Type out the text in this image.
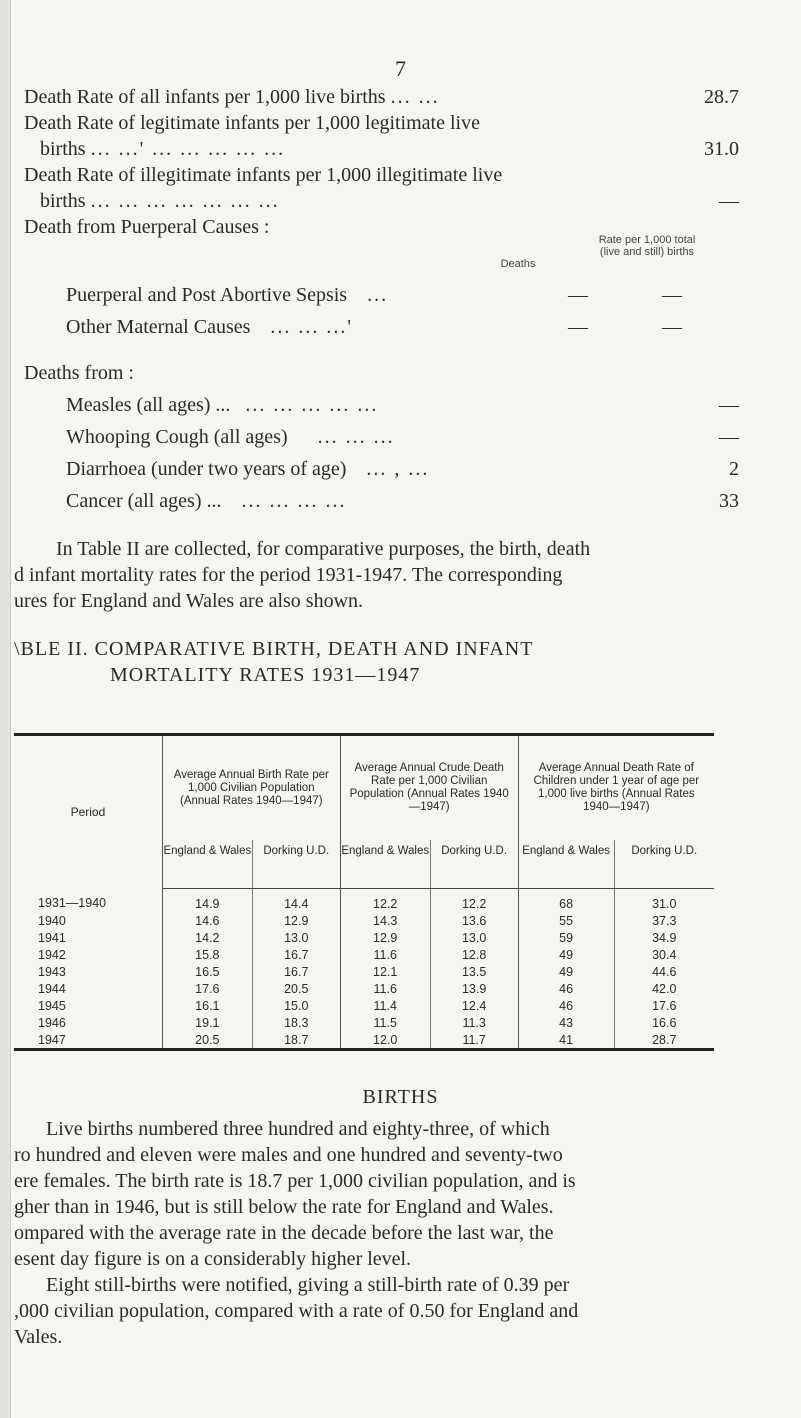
7
Death Rate of all infants per 1,000 live births ... ...	28.7
Death Rate of legitimate infants per 1,000 legitimate live
births ... ...' ... ... ... ... ...	31.0
Death Rate of illegitimate infants per 1,000 illegitimate live
births ... ... ... ... ... ... ...	—
Death from Puerperal Causes :
Deaths
Rate per 1,000 total (live and still) births
Puerperal and Post Abortive Sepsis ...	—	—
Other Maternal Causes ... ... ...'	—	—
Deaths from :
Measles (all ages) ... ... ... ... ... ...	—
Whooping Cough (all ages) ... ... ...	—
Diarrhoea (under two years of age) ... , ...	2
Cancer (all ages) ... ... ... ... ...	33
In Table II are collected, for comparative purposes, the birth, death
d infant mortality rates for the period 1931-1947. The corresponding
ures for England and Wales are also shown.
\BLE II. COMPARATIVE BIRTH, DEATH AND INFANT
MORTALITY RATES 1931—1947
Period	Average Annual Birth Rate per 1,000 Civilian Population (Annual Rates 1940—1947)		Average Annual Crude Death Rate per 1,000 Civilian Population (Annual Rates 1940—1947)		Average Annual Death Rate of Children under 1 year of age per 1,000 live births (Annual Rates 1940—1947)	
	England & Wales	Dorking U.D.	England & Wales	Dorking U.D.	England & Wales	Dorking U.D.
1931—1940	14.9	14.4	12.2	12.2	68	31.0
1940	14.6	12.9	14.3	13.6	55	37.3
1941	14.2	13.0	12.9	13.0	59	34.9
1942	15.8	16.7	11.6	12.8	49	30.4
1943	16.5	16.7	12.1	13.5	49	44.6
1944	17.6	20.5	11.6	13.9	46	42.0
1945	16.1	15.0	11.4	12.4	46	17.6
1946	19.1	18.3	11.5	11.3	43	16.6
1947	20.5	18.7	12.0	11.7	41	28.7
BIRTHS
Live births numbered three hundred and eighty-three, of which
ro hundred and eleven were males and one hundred and seventy-two
ere females. The birth rate is 18.7 per 1,000 civilian population, and is
gher than in 1946, but is still below the rate for England and Wales.
ompared with the average rate in the decade before the last war, the
esent day figure is on a considerably higher level.
Eight still-births were notified, giving a still-birth rate of 0.39 per
,000 civilian population, compared with a rate of 0.50 for England and
Vales.
